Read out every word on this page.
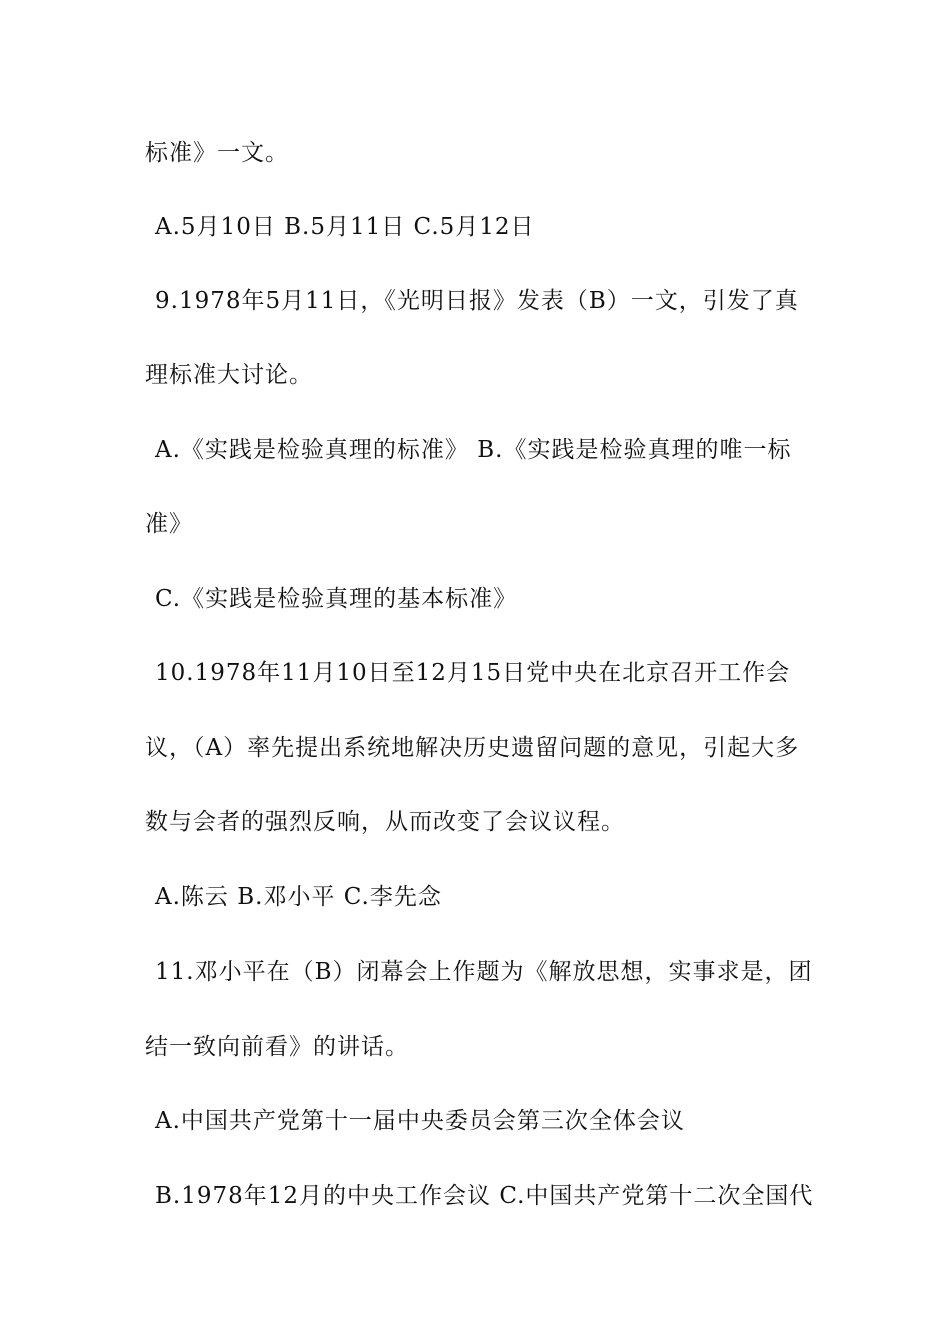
标准》一文。
A.5月10日 B.5月11日 C.5月12日
9.1978年5月11日，《光明日报》发表（B）一文，引发了真
理标准大讨论。
A.《实践是检验真理的标准》 B.《实践是检验真理的唯一标
准》
C.《实践是检验真理的基本标准》
10.1978年11月10日至12月15日党中央在北京召开工作会
议，（A）率先提出系统地解决历史遗留问题的意见，引起大多
数与会者的强烈反响，从而改变了会议议程。
A.陈云 B.邓小平 C.李先念
11.邓小平在（B）闭幕会上作题为《解放思想，实事求是，团
结一致向前看》的讲话。
A.中国共产党第十一届中央委员会第三次全体会议
B.1978年12月的中央工作会议 C.中国共产党第十二次全国代
